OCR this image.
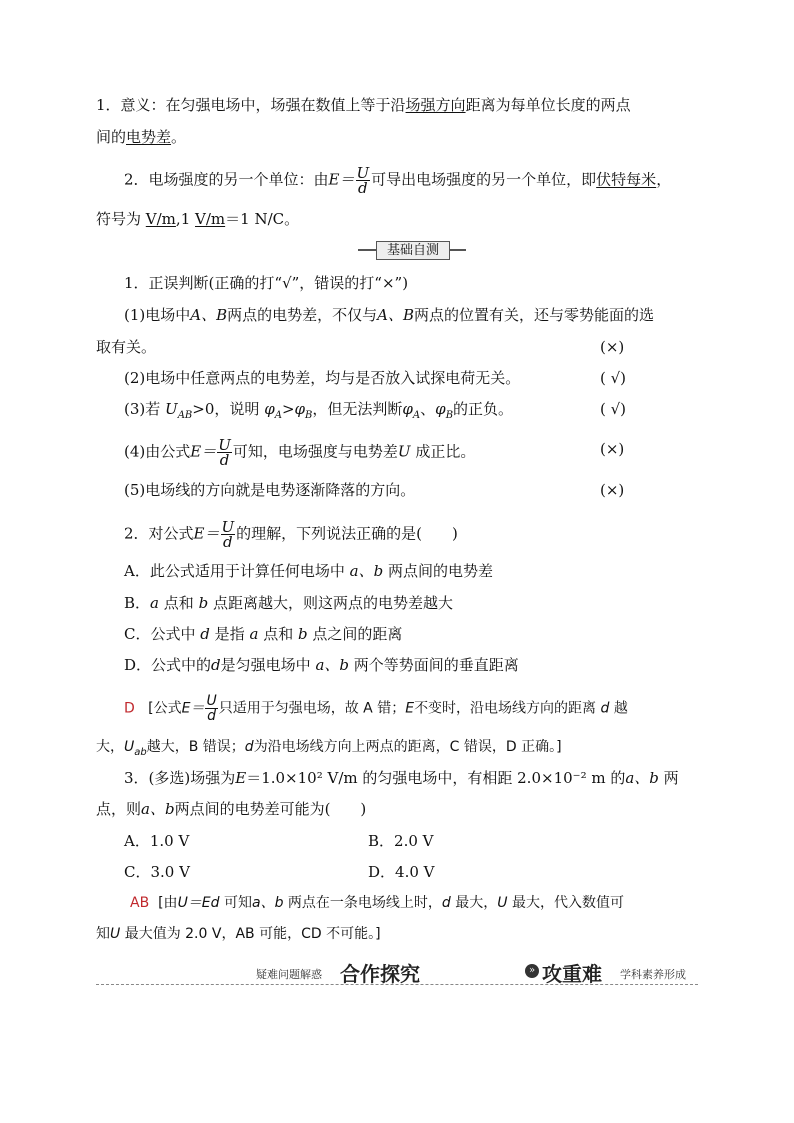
1．意义：在匀强电场中，场强在数值上等于沿场强方向距离为每单位长度的两点
间的电势差。
2．电场强度的另一个单位：由$E= \frac{U}{d}$ 可导出电场强度的另一个单位，即伏特每米，
符号为 V/m,1 V/m＝1 N/C。
基础自测
1．正误判断(正确的打“√”，错误的打“×”)
(1)电场中A、B两点的电势差，不仅与A、B两点的位置有关，还与零势能面的选
取有关。	(×)
(2)电场中任意两点的电势差，均与是否放入试探电荷无关。	( √)
(3)若 $U_{AB}>0$，说明 $\varphi_A>\varphi_B$，但无法判断$\varphi_A$、$\varphi_B$的正负。	( √)
(4)由公式$E= \frac{U}{d}$ 可知，电场强度与电势差U 成正比。	(×)
(5)电场线的方向就是电势逐渐降落的方向。	(×)
2．对公式$E= \frac{U}{d}$ 的理解，下列说法正确的是(　　)
A．此公式适用于计算任何电场中 a、b 两点间的电势差
B．a 点和 b 点距离越大，则这两点的电势差越大
C．公式中 d 是指 a 点和 b 点之间的距离
D．公式中的d是匀强电场中 a、b 两个等势面间的垂直距离
D [公式$E= \frac{U}{d}$ 只适用于匀强电场，故 A 错；E不变时，沿电场线方向的距离 d 越
大，$U_{ab}$越大，B 错误；d为沿电场线方向上两点的距离，C 错误，D 正确。]
3．(多选)场强为E＝1.0×10² V/m 的匀强电场中，有相距 2.0×10⁻² m 的a、b 两
点，则a、b两点间的电势差可能为(　　)
A．1.0 V	B．2.0 V
C．3.0 V	D．4.0 V
AB [由U＝Ed 可知a、b 两点在一条电场线上时，d 最大，U 最大，代入数值可
知U 最大值为 2.0 V，AB 可能，CD 不可能。]
疑难问题解惑 合作探究	» 攻重难 学科素养形成
